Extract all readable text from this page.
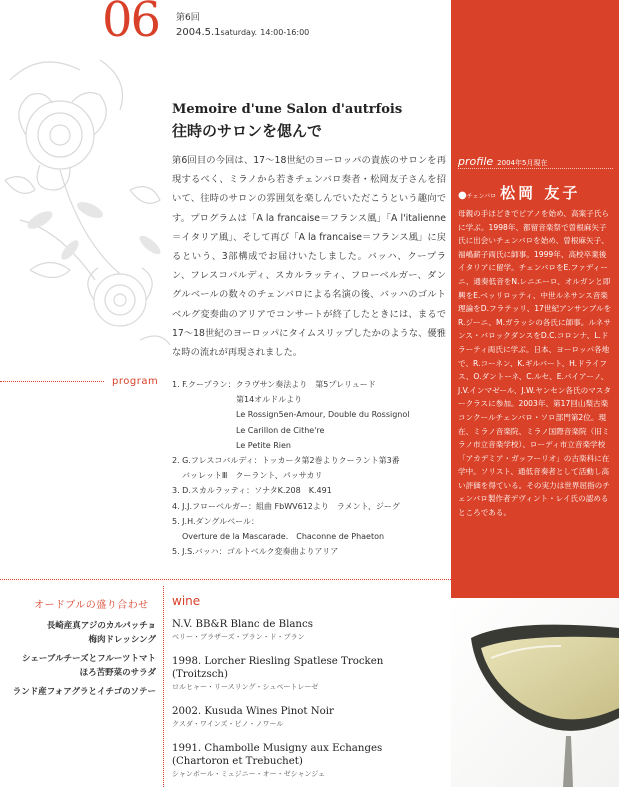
06 第6回
2004.5.1saturday. 14:00-16:00
Memoire d'une Salon d'autrfois
往時のサロンを偲んで
第6回目の今回は、17〜18世紀のヨーロッパの貴族のサロンを再現するべく、ミラノから若きチェンバロ奏者・松岡友子さんを招いて、往時のサロンの雰囲気を楽しんでいただこうという趣向です。プログラムは「A la francaise＝フランス風」「A l'italienne＝イタリア風」、そして再び「A la francaise＝フランス風」に戻るという、3部構成でお届けいたしました。バッハ、クープラン、フレスコバルディ、スカルラッティ、フローベルガー、ダングルベールの数々のチェンバロによる名演の後、バッハのゴルトベルグ変奏曲のアリアでコンサートが終了したときには、まるで17〜18世紀のヨーロッパにタイムスリップしたかのような、優雅な時の流れが再現されました。
profile 2004年5月現在
●チェンバロ 松岡 友子
母親の手ほどきでピアノを始め、高案子氏らに学ぶ。1998年、都留音楽祭で曽根麻矢子氏に出会いチェンバロを始め、曽根麻矢子、福嶋薪子両氏に師事。1999年、高校卒業後イタリアに留学。チェンバロをE.ファディーニ、通奏低音をN.レニエーロ、オルガンと即興をE.ベッリロッティ、中世ルネサンス音楽理論をD.フラテッリ、17世紀アンサンブルをR.ジーニ、M.ガラッシの各氏に師事。ルネサンス・バロックダンスをD.C.コロンナ、L.ドラーティ両氏に学ぶ。日本、ヨーロッパ各地で、R.コーネン、K.ギルバート、H.ドライフス、O.ダントーネ、C.ルセ、E.バイアーノ、J.V.インマゼール、J.W.ヤンセン各氏のマスタークラスに参加。2003年、第17回山梨古楽コンクールチェンバロ・ソロ部門第2位。現在、ミラノ音楽院、ミラノ国際音楽院（旧ミラノ市立音楽学校）、ローディ市立音楽学校「アカデミア・ガッフーリオ」の古楽科に在学中。ソリスト、通低音奏者として活動し高い評価を得ている。その実力は世界屈指のチェンバロ製作者デヴィント・レイ氏の認めるところである。
program 1. F.クープラン：クラヴサン奏法より　第5プレリュード
第14オルドルより
Le Rossign5en-Amour, Double du Rossignol
Le Carillon de Cithe're
Le Petite Rien
2. G.フレスコバルディ：トッカータ第2巻よりクーラント第3番
バッレットⅢ　クーラント、パッサカリ
3. D.スカルラッティ：ソナタK.208　K.491
4. J.J.フローベルガー：組曲 FbWV612より　ラメント、ジーグ
5. J.H.ダングルベール：
Overture de la Mascarade.　Chaconne de Phaeton
5. J.S.バッハ：ゴルトベルク変奏曲よりアリア
オードブルの盛り合わせ
長崎産真アジのカルパッチョ
梅肉ドレッシング
シェーブルチーズとフルーツトマト
ほろ苦野菜のサラダ
ランド産フォアグラとイチゴのソテー
wine
N.V. BB&R Blanc de Blancs
ベリー・ブラザーズ・ブラン・ド・ブラン
1998. Lorcher Riesling Spatlese Trocken (Troitzsch)
ロルヒャー・リースリング・シュペートレーゼ
2002. Kusuda Wines Pinot Noir
クスダ・ワインズ・ピノ・ノワール
1991. Chambolle Musigny aux Echanges
(Chartoron et Trebuchet)
シャンボール・ミュジニー・オー・ゼシャンジェ
